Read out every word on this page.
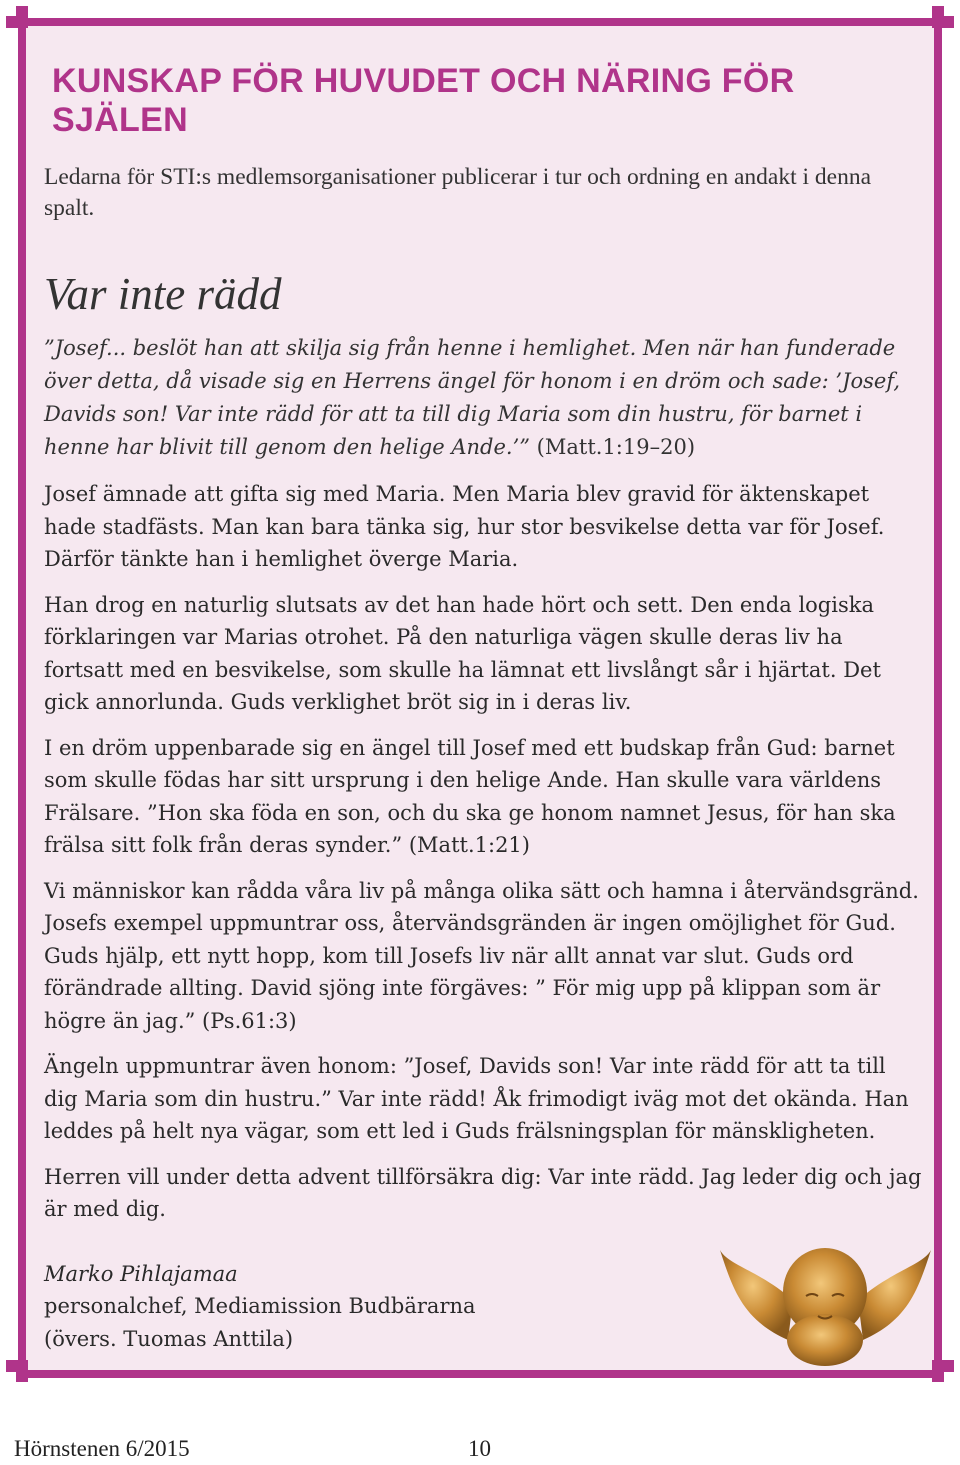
KUNSKAP FÖR HUVUDET OCH NÄRING FÖR SJÄLEN

Ledarna för STI:s medlemsorganisationer publicerar i tur och ordning en andakt i denna spalt.

Var inte rädd

”Josef... beslöt han att skilja sig från henne i hemlighet. Men när han funderade över detta, då visade sig en Herrens ängel för honom i en dröm och sade: ’Josef, Davids son! Var inte rädd för att ta till dig Maria som din hustru, för barnet i henne har blivit till genom den helige Ande.’” (Matt.1:19–20)

Josef ämnade att gifta sig med Maria. Men Maria blev gravid för äktenskapet hade stadfästs. Man kan bara tänka sig, hur stor besvikelse detta var för Josef. Därför tänkte han i hemlighet överge Maria.

Han drog en naturlig slutsats av det han hade hört och sett. Den enda logiska förklaringen var Marias otrohet. På den naturliga vägen skulle deras liv ha fortsatt med en besvikelse, som skulle ha lämnat ett livslångt sår i hjärtat. Det gick annorlunda. Guds verklighet bröt sig in i deras liv.

I en dröm uppenbarade sig en ängel till Josef med ett budskap från Gud: barnet som skulle födas har sitt ursprung i den helige Ande. Han skulle vara världens Frälsare. ”Hon ska föda en son, och du ska ge honom namnet Jesus, för han ska frälsa sitt folk från deras synder.” (Matt.1:21)

Vi människor kan rådda våra liv på många olika sätt och hamna i återvändsgränd. Josefs exempel uppmuntrar oss, återvändsgränden är ingen omöjlighet för Gud. Guds hjälp, ett nytt hopp, kom till Josefs liv när allt annat var slut. Guds ord förändrade allting. David sjöng inte förgäves: ” För mig upp på klippan som är högre än jag.” (Ps.61:3)

Ängeln uppmuntrar även honom: ”Josef, Davids son! Var inte rädd för att ta till dig Maria som din hustru.” Var inte rädd! Åk frimodigt iväg mot det okända. Han leddes på helt nya vägar, som ett led i Guds frälsningsplan för mänskligheten.

Herren vill under detta advent tillförsäkra dig: Var inte rädd. Jag leder dig och jag är med dig.

Marko Pihlajamaa
personalchef, Mediamission Budbärarna
(övers. Tuomas Anttila)
Hörnstenen 6/2015	10
